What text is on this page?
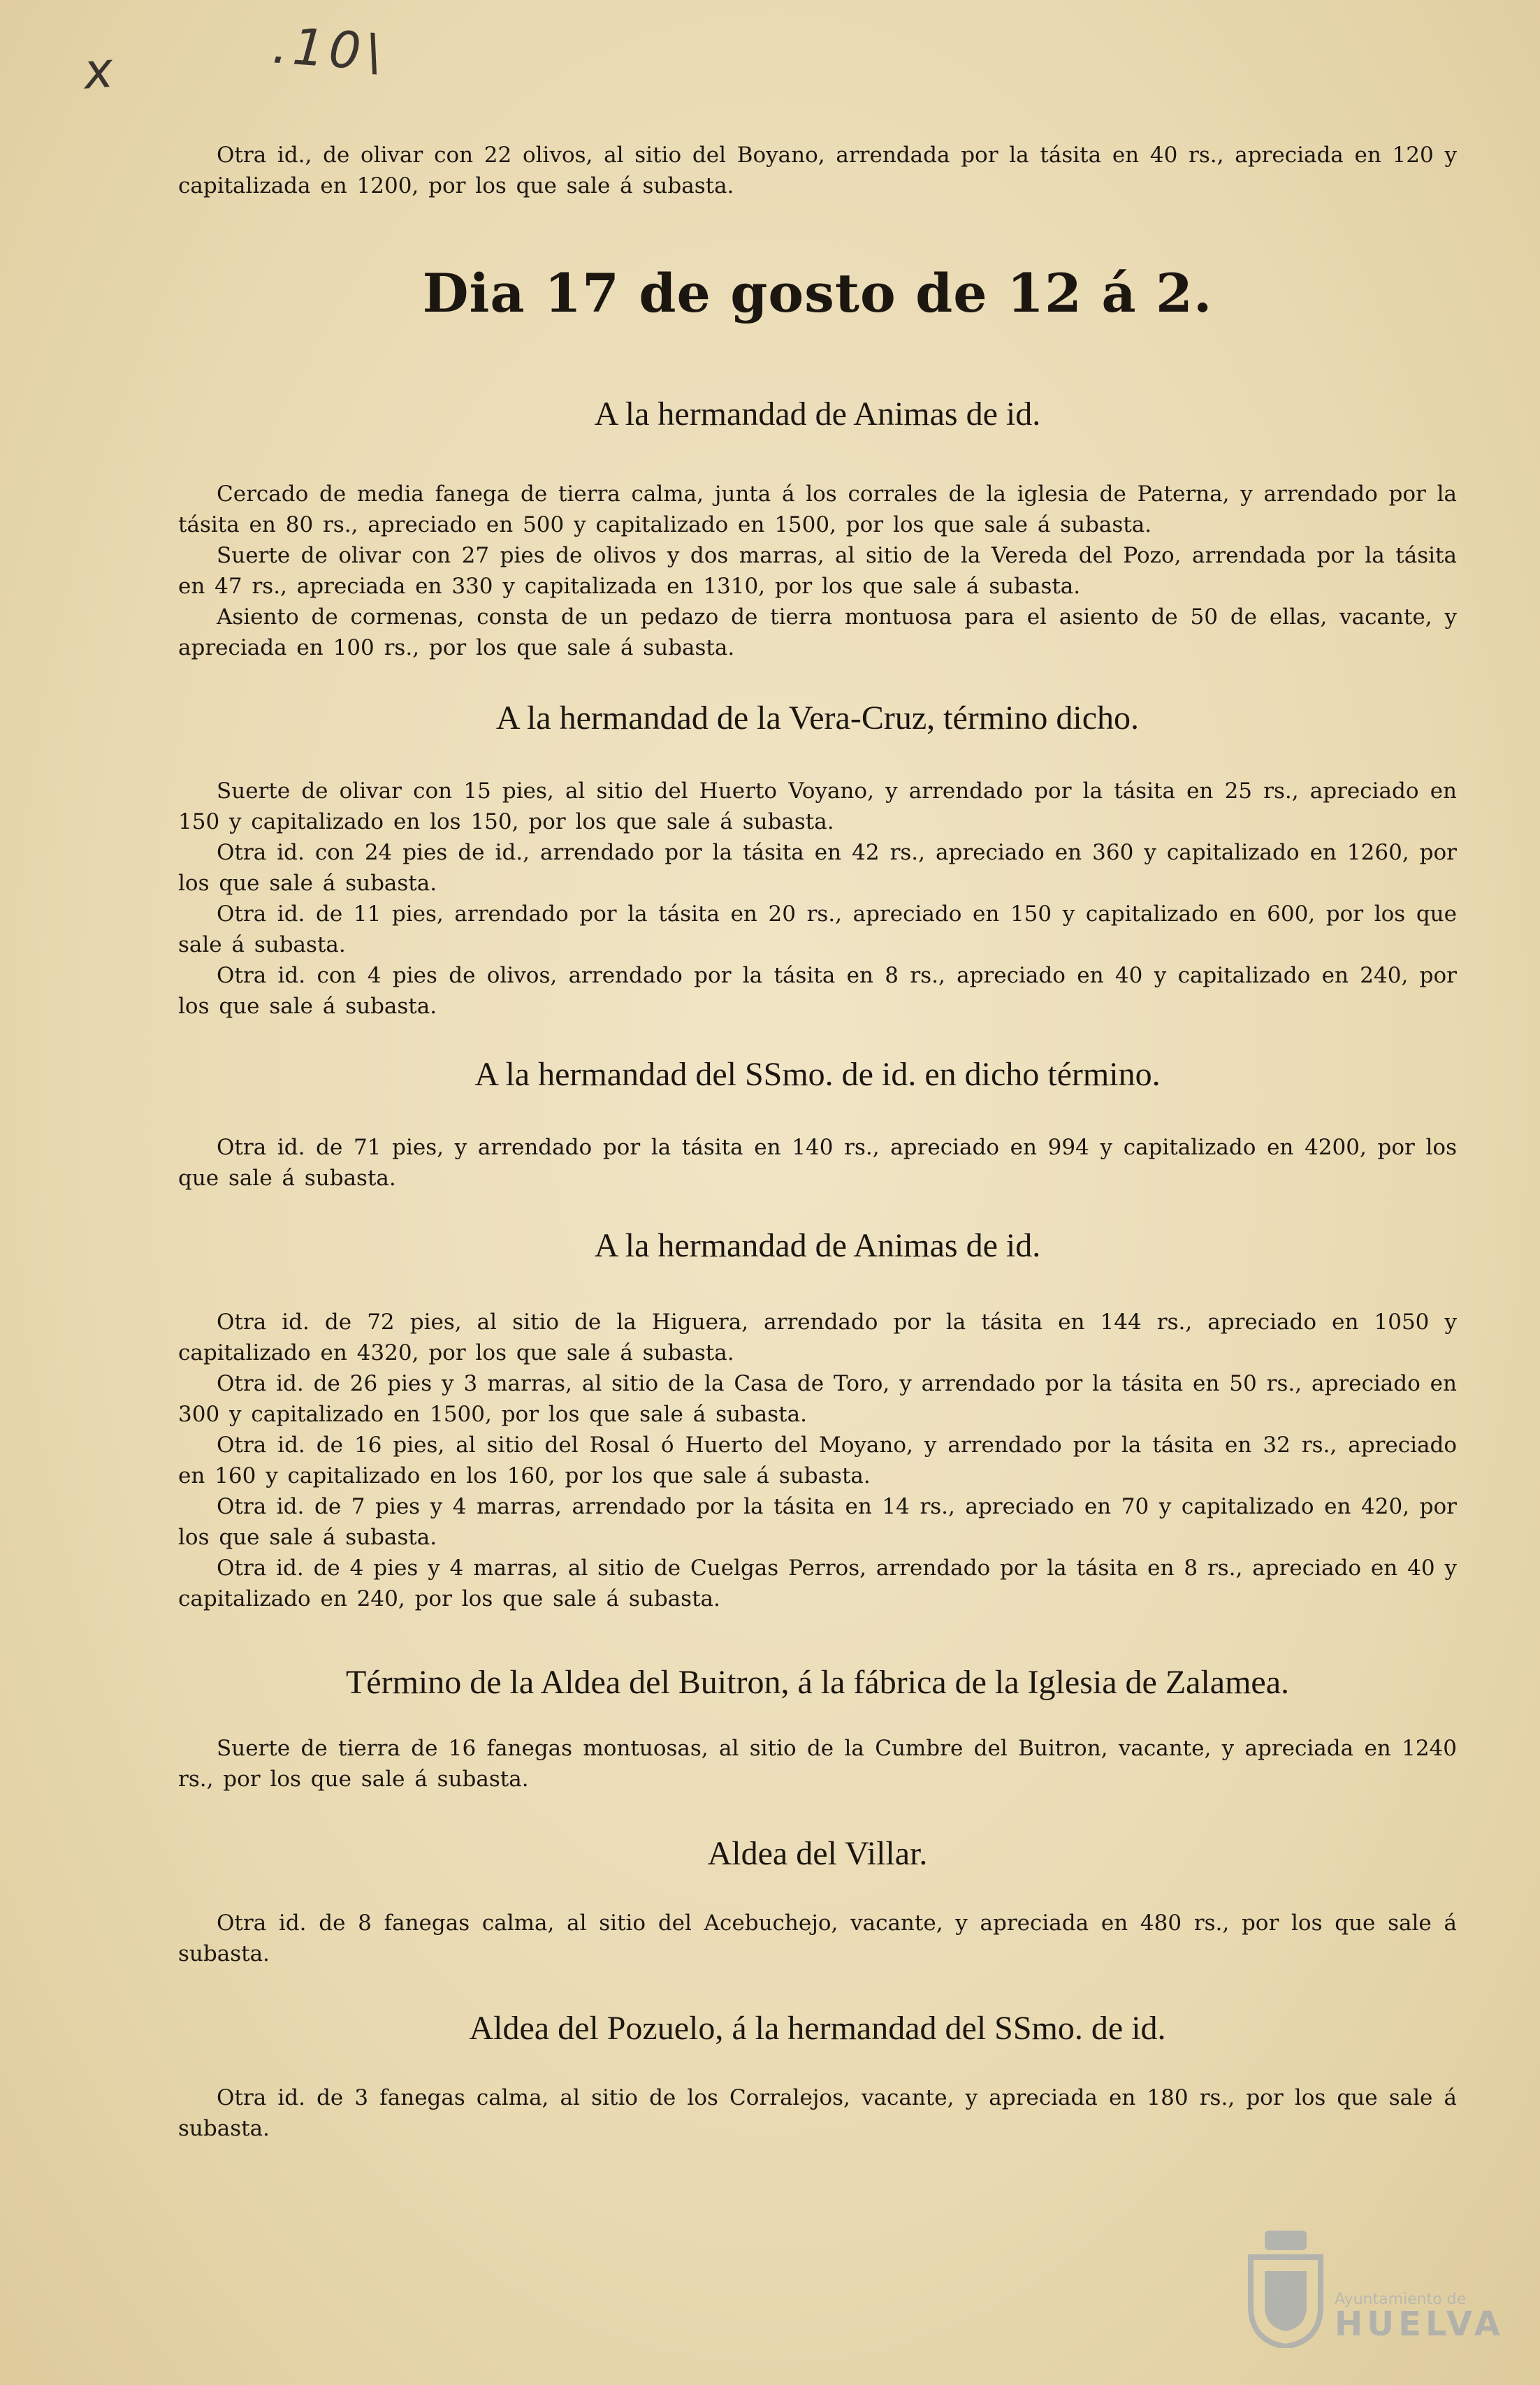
x	.10\

Otra id., de olivar con 22 olivos, al sitio del Boyano, arrendada por la tásita en 40 rs., apreciada en 120 y capitalizada en 1200, por los que sale á subasta.

Dia 17 de gosto de 12 á 2.
A la hermandad de Animas de id.

Cercado de media fanega de tierra calma, junta á los corrales de la iglesia de Paterna, y arrendado por la tásita en 80 rs., apreciado en 500 y capitalizado en 1500, por los que sale á subasta.

Suerte de olivar con 27 pies de olivos y dos marras, al sitio de la Vereda del Pozo, arrendada por la tásita en 47 rs., apreciada en 330 y capitalizada en 1310, por los que sale á subasta.

Asiento de cormenas, consta de un pedazo de tierra montuosa para el asiento de 50 de ellas, vacante, y apreciada en 100 rs., por los que sale á subasta.

A la hermandad de la Vera-Cruz, término dicho.

Suerte de olivar con 15 pies, al sitio del Huerto Voyano, y arrendado por la tásita en 25 rs., apreciado en 150 y capitalizado en los 150, por los que sale á subasta.

Otra id. con 24 pies de id., arrendado por la tásita en 42 rs., apreciado en 360 y capitalizado en 1260, por los que sale á subasta.

Otra id. de 11 pies, arrendado por la tásita en 20 rs., apreciado en 150 y capitalizado en 600, por los que sale á subasta.

Otra id. con 4 pies de olivos, arrendado por la tásita en 8 rs., apreciado en 40 y capitalizado en 240, por los que sale á subasta.

A la hermandad del SSmo. de id. en dicho término.

Otra id. de 71 pies, y arrendado por la tásita en 140 rs., apreciado en 994 y capitalizado en 4200, por los que sale á subasta.

A la hermandad de Animas de id.

Otra id. de 72 pies, al sitio de la Higuera, arrendado por la tásita en 144 rs., apreciado en 1050 y capitalizado en 4320, por los que sale á subasta.

Otra id. de 26 pies y 3 marras, al sitio de la Casa de Toro, y arrendado por la tásita en 50 rs., apreciado en 300 y capitalizado en 1500, por los que sale á subasta.

Otra id. de 16 pies, al sitio del Rosal ó Huerto del Moyano, y arrendado por la tásita en 32 rs., apreciado en 160 y capitalizado en los 160, por los que sale á subasta.

Otra id. de 7 pies y 4 marras, arrendado por la tásita en 14 rs., apreciado en 70 y capitalizado en 420, por los que sale á subasta.

Otra id. de 4 pies y 4 marras, al sitio de Cuelgas Perros, arrendado por la tásita en 8 rs., apreciado en 40 y capitalizado en 240, por los que sale á subasta.

Término de la Aldea del Buitron, á la fábrica de la Iglesia de Zalamea.

Suerte de tierra de 16 fanegas montuosas, al sitio de la Cumbre del Buitron, vacante, y apreciada en 1240 rs., por los que sale á subasta.

Aldea del Villar.

Otra id. de 8 fanegas calma, al sitio del Acebuchejo, vacante, y apreciada en 480 rs., por los que sale á subasta.

Aldea del Pozuelo, á la hermandad del SSmo. de id.

Otra id. de 3 fanegas calma, al sitio de los Corralejos, vacante, y apreciada en 180 rs., por los que sale á subasta.

Ayuntamiento de
HUELVA
